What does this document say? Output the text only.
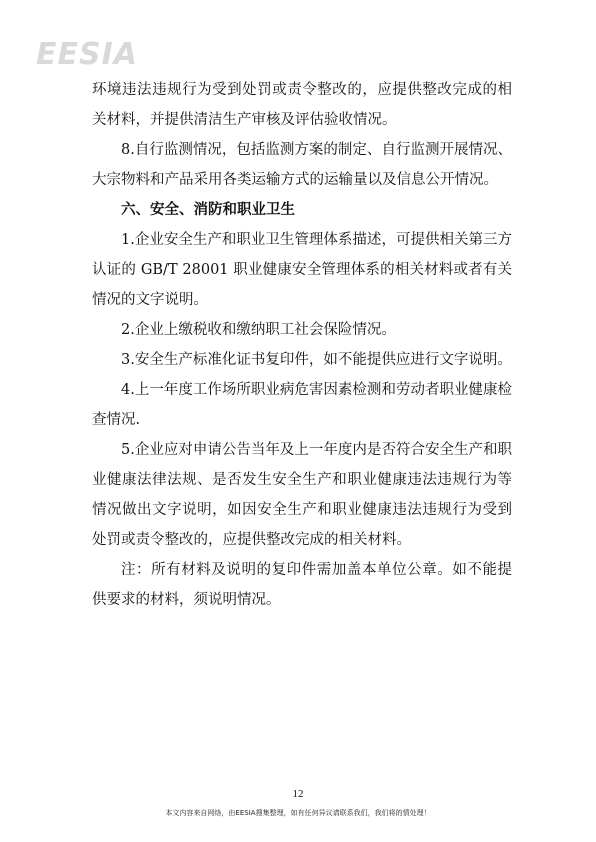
EESIA

环境违法违规行为受到处罚或责令整改的，应提供整改完成的相关材料，并提供清洁生产审核及评估验收情况。

8.自行监测情况，包括监测方案的制定、自行监测开展情况、大宗物料和产品采用各类运输方式的运输量以及信息公开情况。

六、安全、消防和职业卫生

1.企业安全生产和职业卫生管理体系描述，可提供相关第三方认证的 GB/T 28001 职业健康安全管理体系的相关材料或者有关情况的文字说明。

2.企业上缴税收和缴纳职工社会保险情况。

3.安全生产标准化证书复印件，如不能提供应进行文字说明。

4.上一年度工作场所职业病危害因素检测和劳动者职业健康检查情况.

5.企业应对申请公告当年及上一年度内是否符合安全生产和职业健康法律法规、是否发生安全生产和职业健康违法违规行为等情况做出文字说明，如因安全生产和职业健康违法违规行为受到处罚或责令整改的，应提供整改完成的相关材料。

注：所有材料及说明的复印件需加盖本单位公章。如不能提供要求的材料，须说明情况。

12
本文内容来自网络，由EESIA搜集整理，如有任何异议请联系我们，我们将的情处理！
